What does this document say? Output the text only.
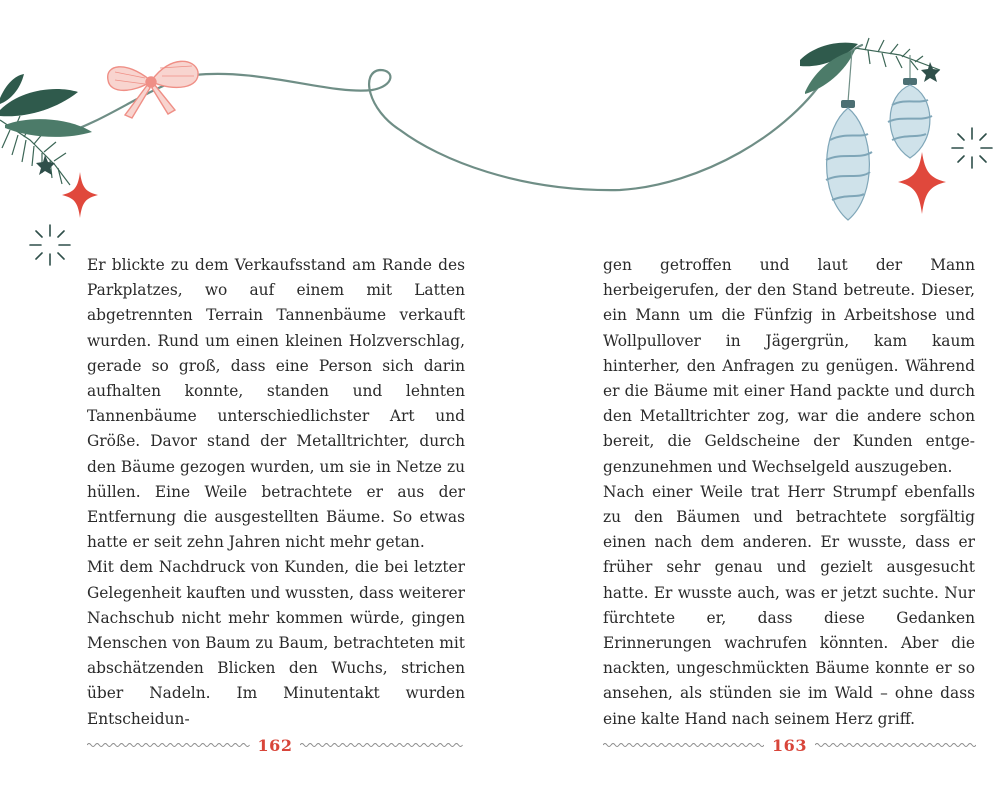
Er blickte zu dem Verkaufsstand am Rande des Parkplatzes, wo auf einem mit Latten abgetrennten Terrain Tannenbäume verkauft wurden. Rund um einen kleinen Holzverschlag, gerade so groß, dass eine Person sich darin aufhalten konnte, standen und lehnten Tannenbäume unterschiedlichster Art und Größe. Davor stand der Metalltrichter, durch den Bäume gezogen wurden, um sie in Netze zu hüllen. Eine Weile betrachtete er aus der Entfernung die ausgestellten Bäume. So etwas hatte er seit zehn Jahren nicht mehr getan.

Mit dem Nachdruck von Kunden, die bei letzter Gelegenheit kauften und wussten, dass weiterer Nachschub nicht mehr kommen würde, gingen Menschen von Baum zu Baum, betrachteten mit abschätzenden Blicken den Wuchs, strichen über Nadeln. Im Minutentakt wurden Entscheidun-

gen getroffen und laut der Mann herbeigerufen, der den Stand betreute. Dieser, ein Mann um die Fünfzig in Arbeitshose und Wollpullover in Jägergrün, kam kaum hinterher, den Anfragen zu genügen. Während er die Bäume mit einer Hand packte und durch den Metalltrichter zog, war die andere schon bereit, die Geldscheine der Kunden entgegenzunehmen und Wechselgeld auszugeben.

Nach einer Weile trat Herr Strumpf ebenfalls zu den Bäumen und betrachtete sorgfältig einen nach dem anderen. Er wusste, dass er früher sehr genau und gezielt ausgesucht hatte. Er wusste auch, was er jetzt suchte. Nur fürchtete er, dass diese Gedanken Erinnerungen wachrufen könnten. Aber die nackten, ungeschmückten Bäume konnte er so ansehen, als stünden sie im Wald – ohne dass eine kalte Hand nach seinem Herz griff.

162	163
